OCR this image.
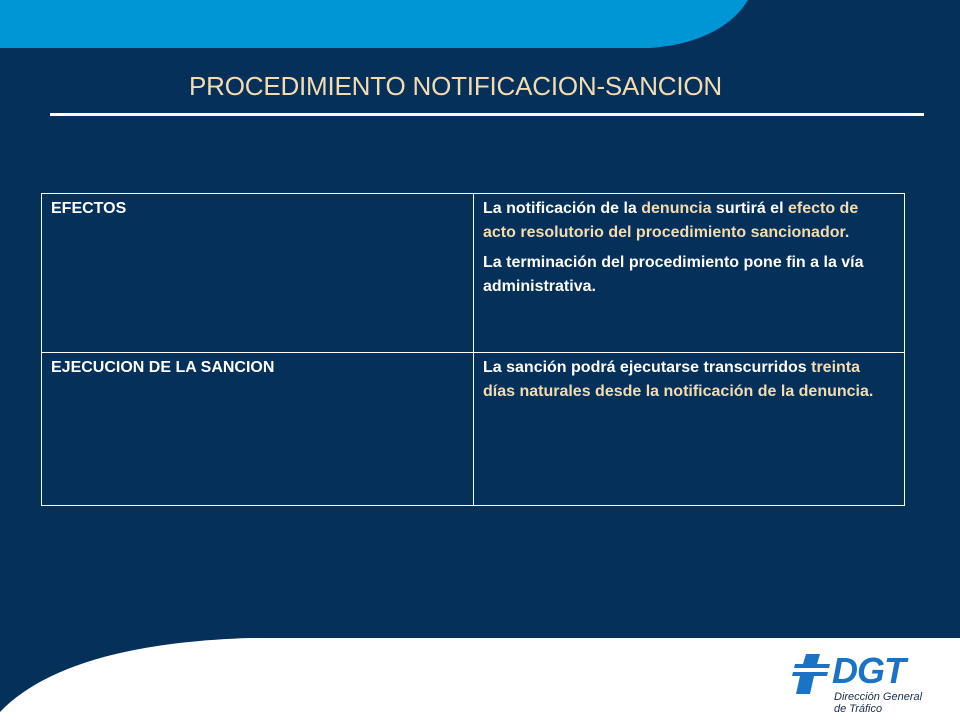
PROCEDIMIENTO NOTIFICACION-SANCION
EFECTOS	La notificación de la denuncia surtirá el efecto de acto resolutorio del procedimiento sancionador.

La terminación del procedimiento pone fin a la vía administrativa.

EJECUCION DE LA SANCION	La sanción podrá ejecutarse transcurridos treinta días naturales desde la notificación de la denuncia.

DGT
Dirección General
de Tráfico
